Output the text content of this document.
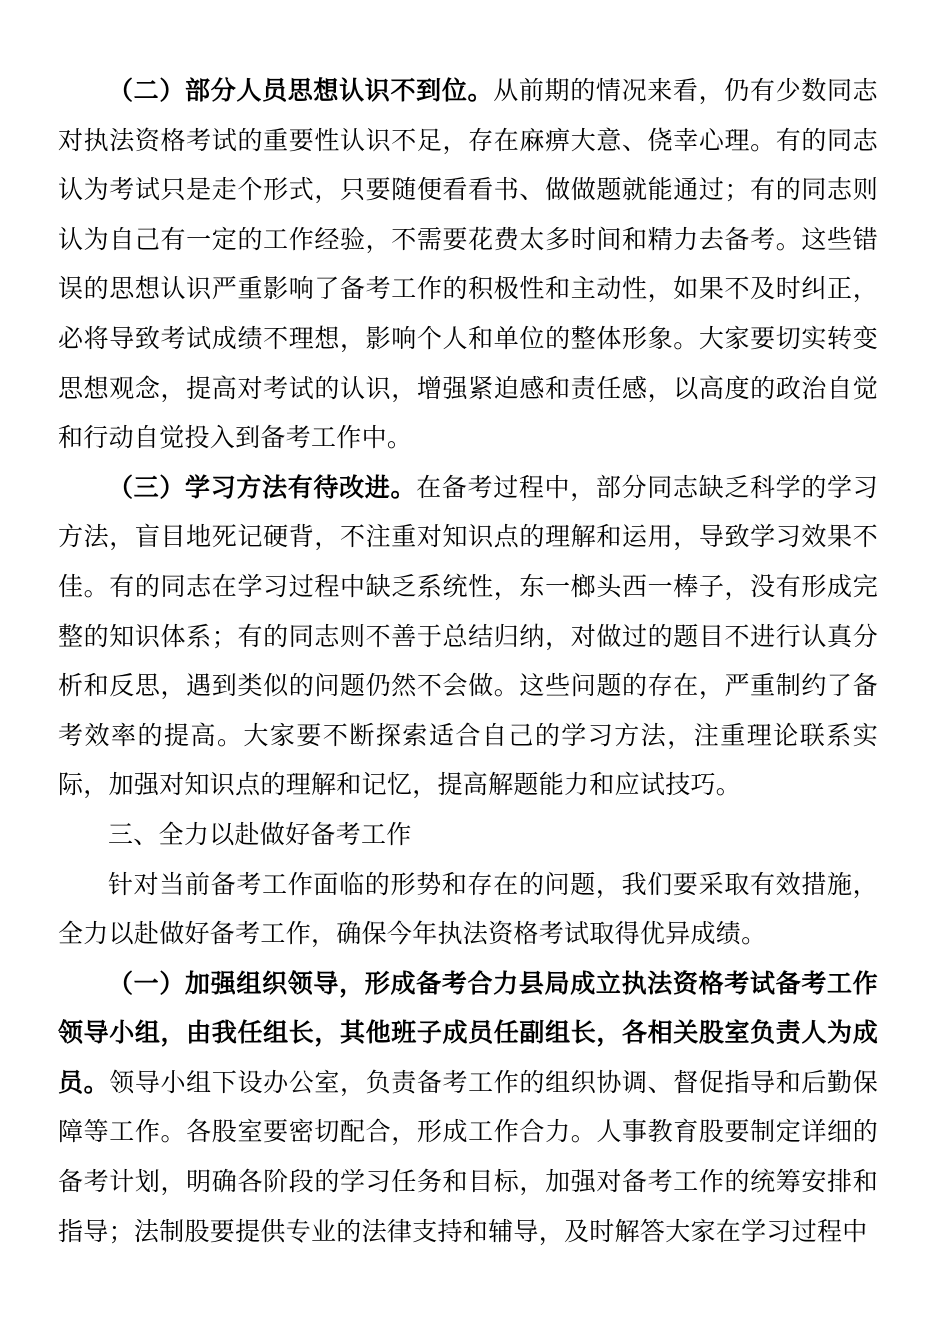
（二）部分人员思想认识不到位。从前期的情况来看，仍有少数同志对执法资格考试的重要性认识不足，存在麻痹大意、侥幸心理。有的同志认为考试只是走个形式，只要随便看看书、做做题就能通过；有的同志则认为自己有一定的工作经验，不需要花费太多时间和精力去备考。这些错误的思想认识严重影响了备考工作的积极性和主动性，如果不及时纠正，必将导致考试成绩不理想，影响个人和单位的整体形象。大家要切实转变思想观念，提高对考试的认识，增强紧迫感和责任感，以高度的政治自觉和行动自觉投入到备考工作中。

（三）学习方法有待改进。在备考过程中，部分同志缺乏科学的学习方法，盲目地死记硬背，不注重对知识点的理解和运用，导致学习效果不佳。有的同志在学习过程中缺乏系统性，东一榔头西一棒子，没有形成完整的知识体系；有的同志则不善于总结归纳，对做过的题目不进行认真分析和反思，遇到类似的问题仍然不会做。这些问题的存在，严重制约了备考效率的提高。大家要不断探索适合自己的学习方法，注重理论联系实际，加强对知识点的理解和记忆，提高解题能力和应试技巧。

三、全力以赴做好备考工作

针对当前备考工作面临的形势和存在的问题，我们要采取有效措施，全力以赴做好备考工作，确保今年执法资格考试取得优异成绩。

（一）加强组织领导，形成备考合力县局成立执法资格考试备考工作领导小组，由我任组长，其他班子成员任副组长，各相关股室负责人为成员。领导小组下设办公室，负责备考工作的组织协调、督促指导和后勤保障等工作。各股室要密切配合，形成工作合力。人事教育股要制定详细的备考计划，明确各阶段的学习任务和目标，加强对备考工作的统筹安排和指导；法制股要提供专业的法律支持和辅导，及时解答大家在学习过程中
